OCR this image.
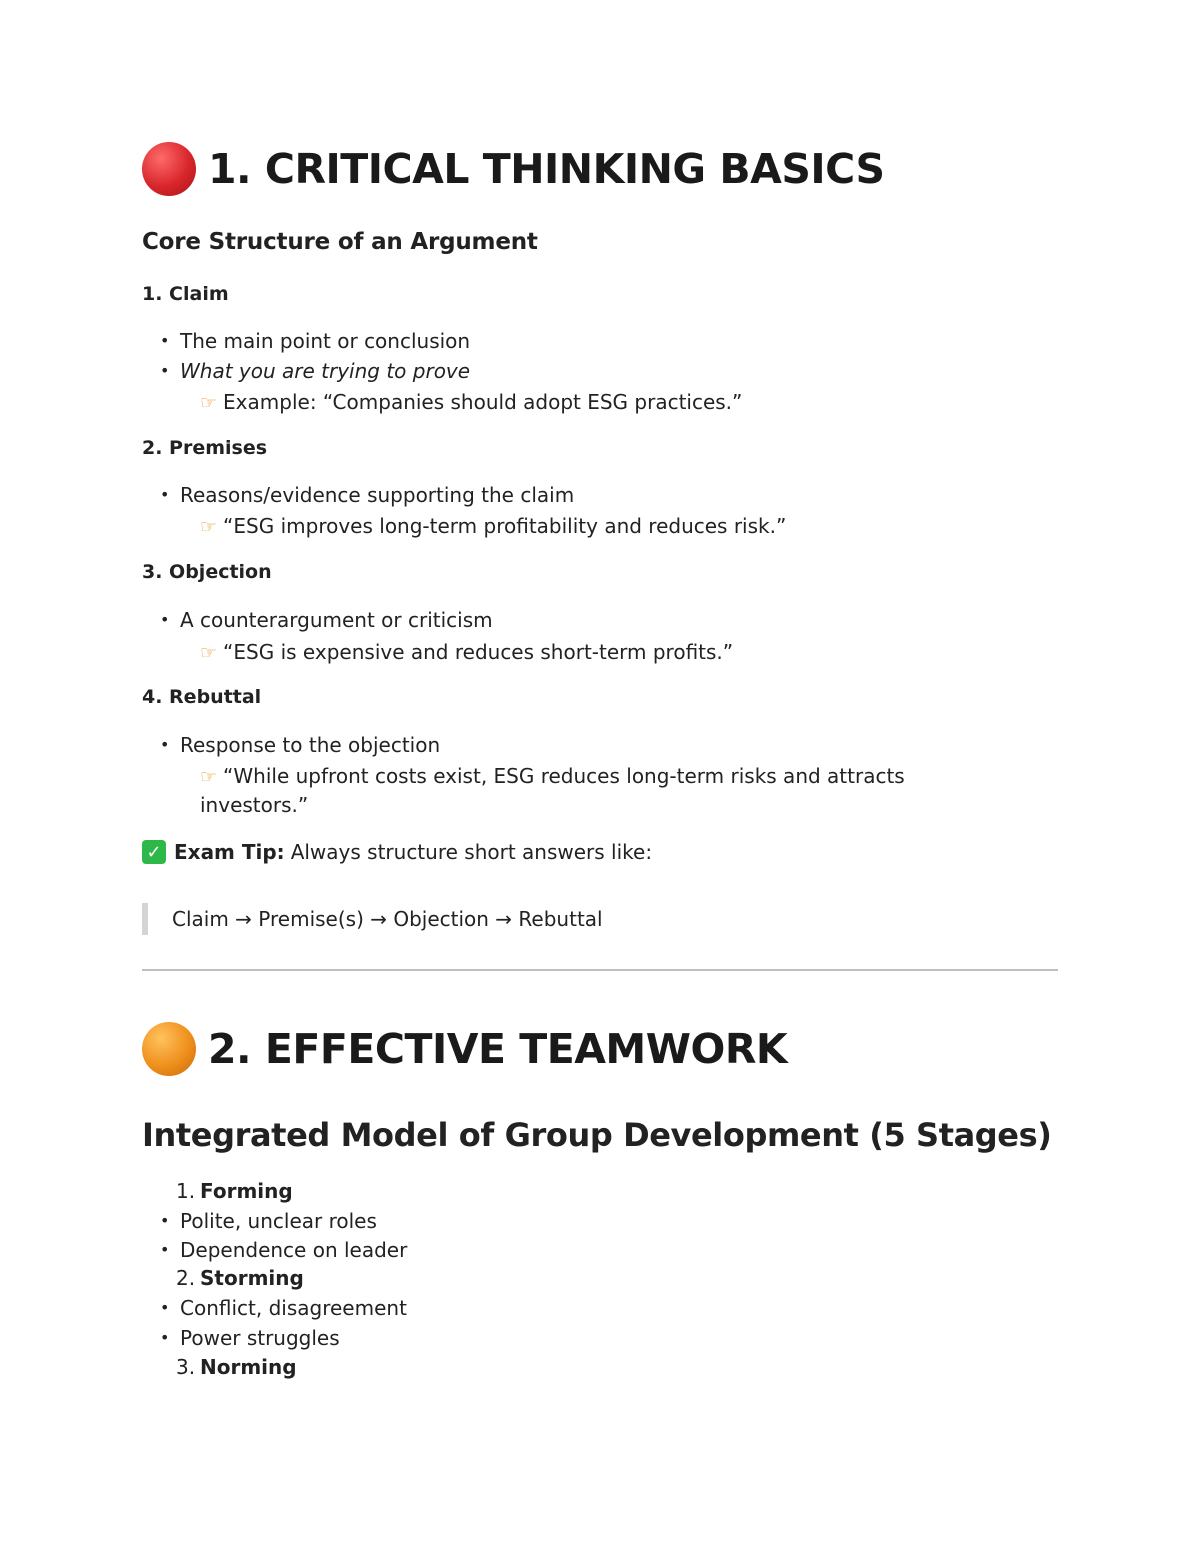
1. CRITICAL THINKING BASICS
Core Structure of an Argument
1. Claim
• The main point or conclusion
• What you are trying to prove
☞ Example: “Companies should adopt ESG practices.”
2. Premises
• Reasons/evidence supporting the claim
☞ “ESG improves long-term profitability and reduces risk.”
3. Objection
• A counterargument or criticism
☞ “ESG is expensive and reduces short-term profits.”
4. Rebuttal
• Response to the objection
☞ “While upfront costs exist, ESG reduces long-term risks and attracts
investors.”
✓ Exam Tip: Always structure short answers like:
Claim → Premise(s) → Objection → Rebuttal
2. EFFECTIVE TEAMWORK
Integrated Model of Group Development (5 Stages)
1. Forming
• Polite, unclear roles
• Dependence on leader
2. Storming
• Conflict, disagreement
• Power struggles
3. Norming
